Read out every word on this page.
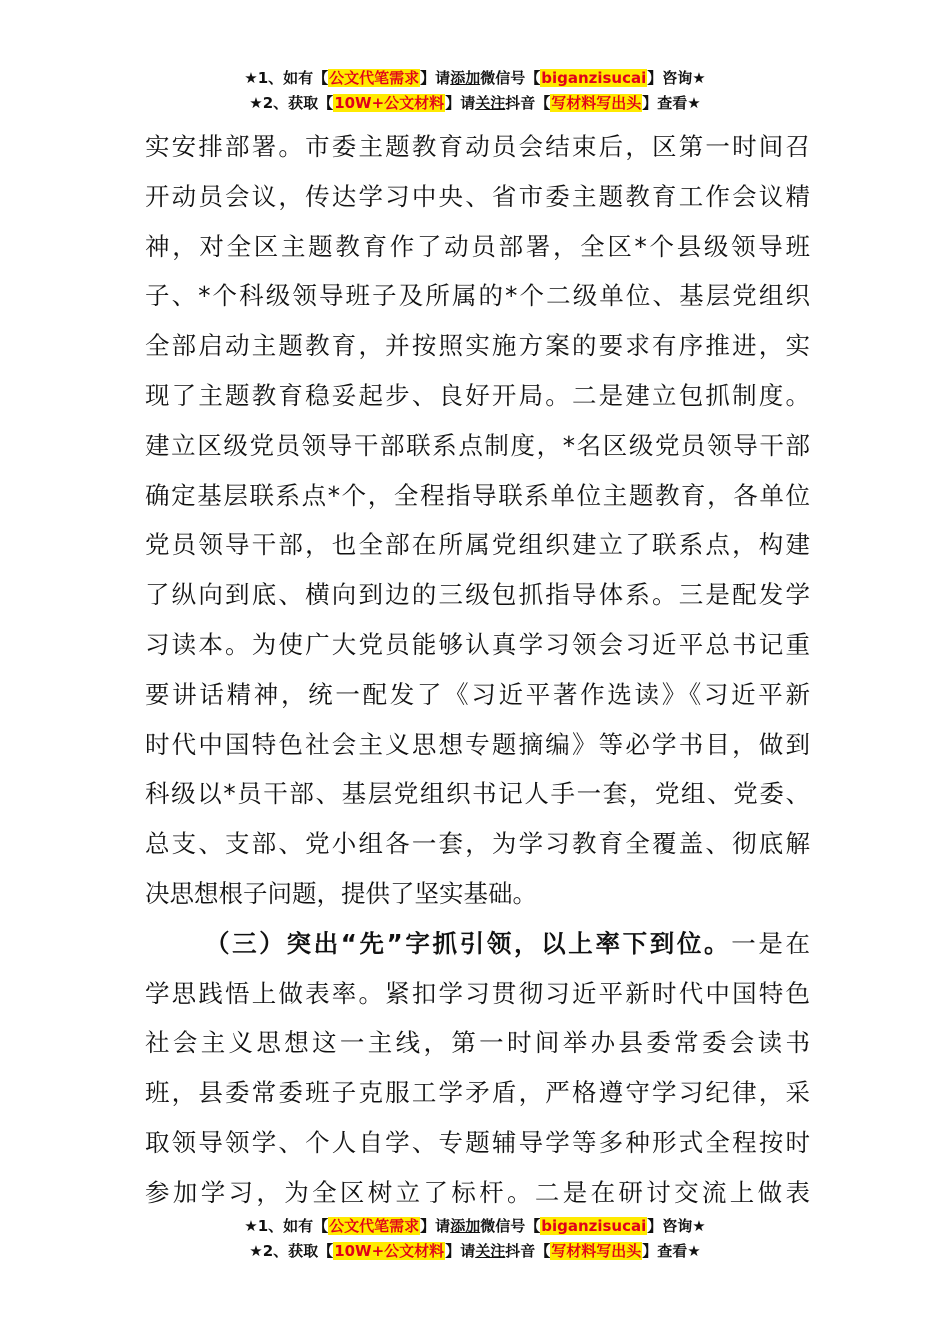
★1、如有【公文代笔需求】请添加微信号【biganzisucai】咨询★
★2、获取【10W+公文材料】请关注抖音【写材料写出头】查看★
实安排部署。市委主题教育动员会结束后，区第一时间召
开动员会议，传达学习中央、省市委主题教育工作会议精
神，对全区主题教育作了动员部署，全区*个县级领导班
子、*个科级领导班子及所属的*个二级单位、基层党组织
全部启动主题教育，并按照实施方案的要求有序推进，实
现了主题教育稳妥起步、良好开局。二是建立包抓制度。
建立区级党员领导干部联系点制度，*名区级党员领导干部
确定基层联系点*个，全程指导联系单位主题教育，各单位
党员领导干部，也全部在所属党组织建立了联系点，构建
了纵向到底、横向到边的三级包抓指导体系。三是配发学
习读本。为使广大党员能够认真学习领会习近平总书记重
要讲话精神，统一配发了《习近平著作选读》《习近平新
时代中国特色社会主义思想专题摘编》等必学书目，做到
科级以*员干部、基层党组织书记人手一套，党组、党委、
总支、支部、党小组各一套，为学习教育全覆盖、彻底解
决思想根子问题，提供了坚实基础。
（三）突出“先”字抓引领，以上率下到位。一是在
学思践悟上做表率。紧扣学习贯彻习近平新时代中国特色
社会主义思想这一主线，第一时间举办县委常委会读书
班，县委常委班子克服工学矛盾，严格遵守学习纪律，采
取领导领学、个人自学、专题辅导学等多种形式全程按时
参加学习，为全区树立了标杆。二是在研讨交流上做表
★1、如有【公文代笔需求】请添加微信号【biganzisucai】咨询★
★2、获取【10W+公文材料】请关注抖音【写材料写出头】查看★
